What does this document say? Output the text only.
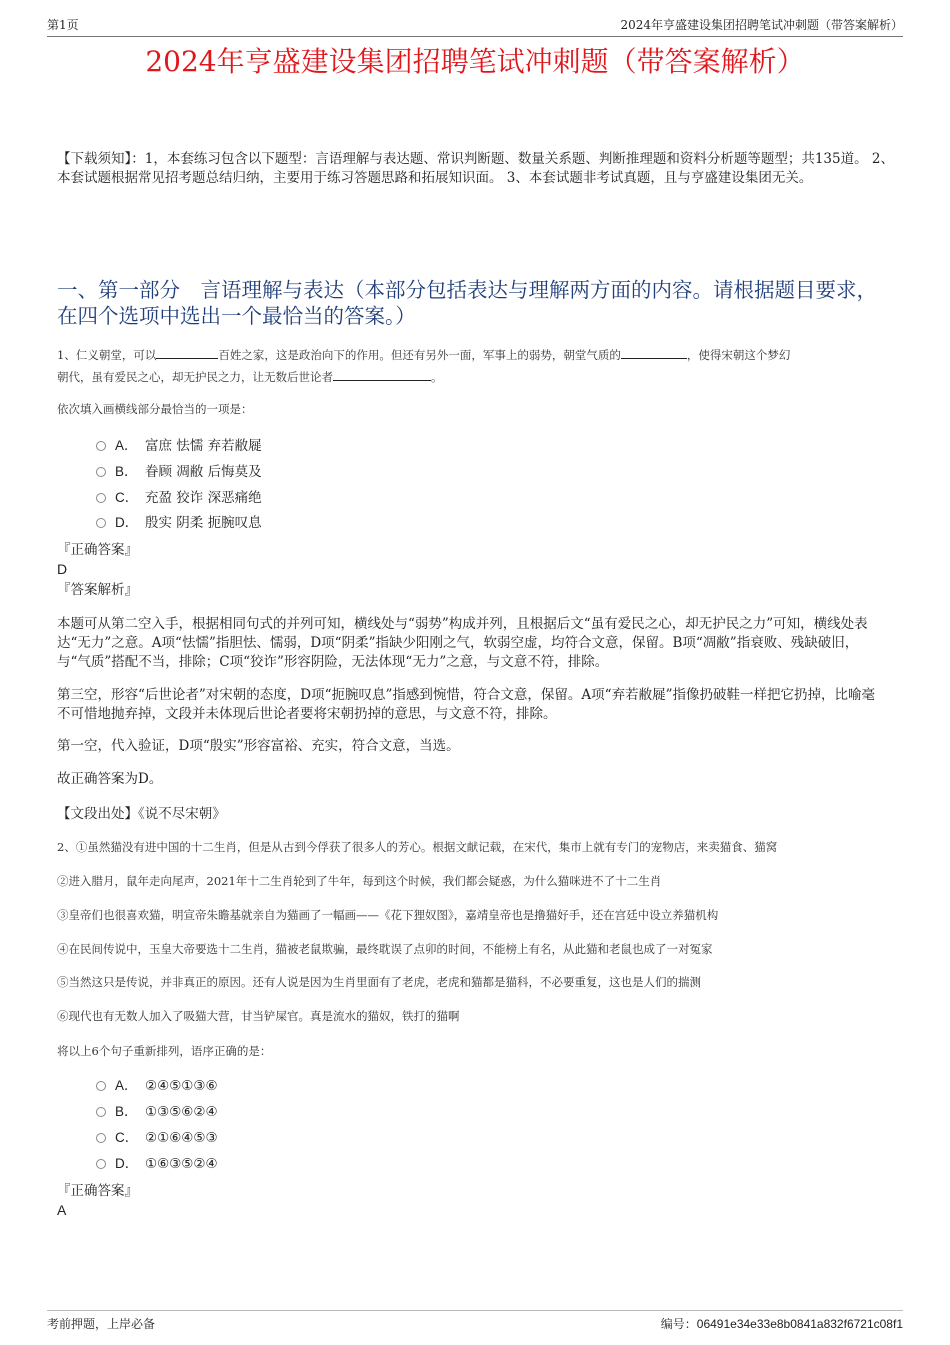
第1页	2024年亨盛建设集团招聘笔试冲刺题（带答案解析）
2024年亨盛建设集团招聘笔试冲刺题（带答案解析）
【下载须知】：1，本套练习包含以下题型：言语理解与表达题、常识判断题、数量关系题、判断推理题和资料分析题等题型；共135道。 2、本套试题根据常见招考题总结归纳，主要用于练习答题思路和拓展知识面。 3、本套试题非考试真题，且与亨盛建设集团无关。
一、第一部分　言语理解与表达（本部分包括表达与理解两方面的内容。请根据题目要求，在四个选项中选出一个最恰当的答案。）
1、仁义朝堂，可以	百姓之家，这是政治向下的作用。但还有另外一面，军事上的弱势，朝堂气质的	，使得宋朝这个梦幻
朝代，虽有爱民之心，却无护民之力，让无数后世论者	。
依次填入画横线部分最恰当的一项是：
A． 富庶 怯懦 弃若敝屣
B． 眷顾 凋敝 后悔莫及
C． 充盈 狡诈 深恶痛绝
D． 殷实 阴柔 扼腕叹息
『正确答案』
D
『答案解析』
本题可从第二空入手，根据相同句式的并列可知，横线处与“弱势”构成并列，且根据后文“虽有爱民之心，却无护民之力”可知，横线处表达“无力”之意。A项“怯懦”指胆怯、懦弱，D项“阴柔”指缺少阳刚之气，软弱空虚，均符合文意，保留。B项“凋敝”指衰败、残缺破旧，与“气质”搭配不当，排除；C项“狡诈”形容阴险，无法体现“无力”之意，与文意不符，排除。
第三空，形容“后世论者”对宋朝的态度，D项“扼腕叹息”指感到惋惜，符合文意，保留。A项“弃若敝屣”指像扔破鞋一样把它扔掉，比喻毫不可惜地抛弃掉，文段并未体现后世论者要将宋朝扔掉的意思，与文意不符，排除。
第一空，代入验证，D项“殷实”形容富裕、充实，符合文意，当选。
故正确答案为D。
【文段出处】《说不尽宋朝》
2、①虽然猫没有进中国的十二生肖，但是从古到今俘获了很多人的芳心。根据文献记载，在宋代，集市上就有专门的宠物店，来卖猫食、猫窝
②进入腊月，鼠年走向尾声，2021年十二生肖轮到了牛年，每到这个时候，我们都会疑惑，为什么猫咪进不了十二生肖
③皇帝们也很喜欢猫，明宣帝朱瞻基就亲自为猫画了一幅画——《花下狸奴图》，嘉靖皇帝也是撸猫好手，还在宫廷中设立养猫机构
④在民间传说中，玉皇大帝要选十二生肖，猫被老鼠欺骗，最终耽误了点卯的时间，不能榜上有名，从此猫和老鼠也成了一对冤家
⑤当然这只是传说，并非真正的原因。还有人说是因为生肖里面有了老虎，老虎和猫都是猫科，不必要重复，这也是人们的揣测
⑥现代也有无数人加入了吸猫大营，甘当铲屎官。真是流水的猫奴，铁打的猫啊
将以上6个句子重新排列，语序正确的是：
A． ②④⑤①③⑥
B． ①③⑤⑥②④
C． ②①⑥④⑤③
D． ①⑥③⑤②④
『正确答案』
A
考前押题，上岸必备	编号：06491e34e33e8b0841a832f6721c08f1
